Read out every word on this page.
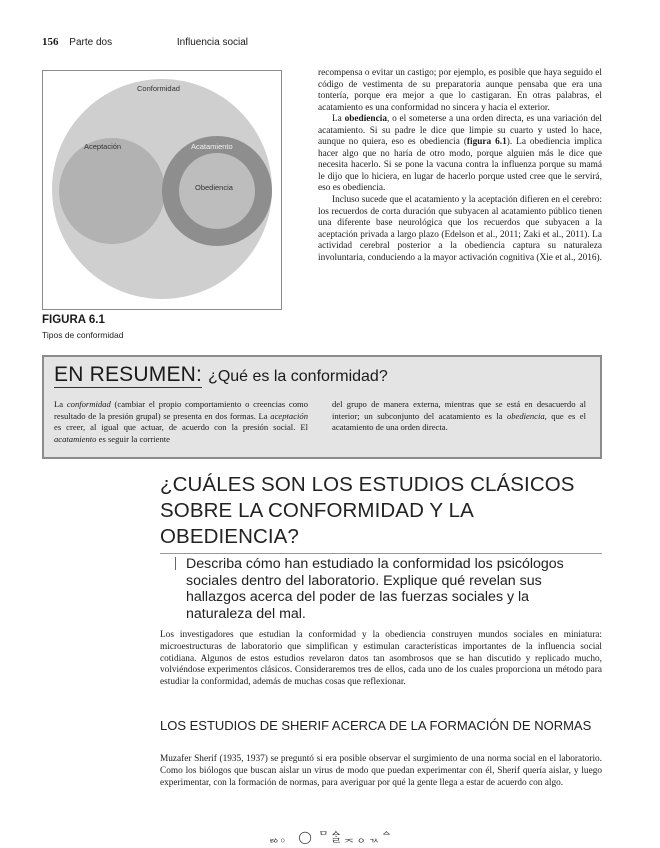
156 Parte dos	Influencia social
Conformidad
Aceptación	Acatamiento
Obediencia
FIGURA 6.1
Tipos de conformidad

recompensa o evitar un castigo; por ejemplo, es posible que haya seguido el código de vestimenta de su preparatoria aunque pensaba que era una tontería, porque era mejor a que lo castigaran. En otras palabras, el acatamiento es una conformidad no sincera y hacia el exterior.

La obediencia, o el someterse a una orden directa, es una variación del acatamiento. Si su padre le dice que limpie su cuarto y usted lo hace, aunque no quiera, eso es obediencia (figura 6.1). La obediencia implica hacer algo que no haría de otro modo, porque alguien más le dice que necesita hacerlo. Si se pone la vacuna contra la influenza porque su mamá le dijo que lo hiciera, en lugar de hacerlo porque usted cree que le servirá, eso es obediencia.

Incluso sucede que el acatamiento y la aceptación difieren en el cerebro: los recuerdos de corta duración que subyacen al acatamiento público tienen una diferente base neurológica que los recuerdos que subyacen a la aceptación privada a largo plazo (Edelson et al., 2011; Zaki et al., 2011). La actividad cerebral posterior a la obediencia captura su naturaleza involuntaria, conduciendo a la mayor activación cognitiva (Xie et al., 2016).

EN RESUMEN: ¿Qué es la conformidad?
La conformidad (cambiar el propio comportamiento o creencias como resultado de la presión grupal) se presenta en dos formas. La aceptación es creer, al igual que actuar, de acuerdo con la presión social. El acatamiento es seguir la corriente
del grupo de manera externa, mientras que se está en desacuerdo al interior; un subconjunto del acatamiento es la obediencia, que es el acatamiento de una orden directa.
¿CUÁLES SON LOS ESTUDIOS CLÁSICOS SOBRE LA CONFORMIDAD Y LA OBEDIENCIA?
Describa cómo han estudiado la conformidad los psicólogos sociales dentro del laboratorio. Explique qué revelan sus hallazgos acerca del poder de las fuerzas sociales y la naturaleza del mal.
Los investigadores que estudian la conformidad y la obediencia construyen mundos sociales en miniatura: microestructuras de laboratorio que simplifican y estimulan características importantes de la influencia social cotidiana. Algunos de estos estudios revelaron datos tan asombrosos que se han discutido y replicado mucho, volviéndose experimentos clásicos. Consideraremos tres de ellos, cada uno de los cuales proporciona un método para estudiar la conformidad, además de muchas cosas que reflexionar.
LOS ESTUDIOS DE SHERIF ACERCA DE LA FORMACIÓN DE NORMAS
Muzafer Sherif (1935, 1937) se preguntó si era posible observar el surgimiento de una norma social en el laboratorio. Como los biólogos que buscan aislar un virus de modo que puedan experimentar con él, Sherif quería aislar, y luego experimentar, con la formación de normas, para averiguar por qué la gente llega a estar de acuerdo con algo.
ᆯᇰ。 ◯ ᄆᅀᆞᆯᆽᆼᆪᅀ
